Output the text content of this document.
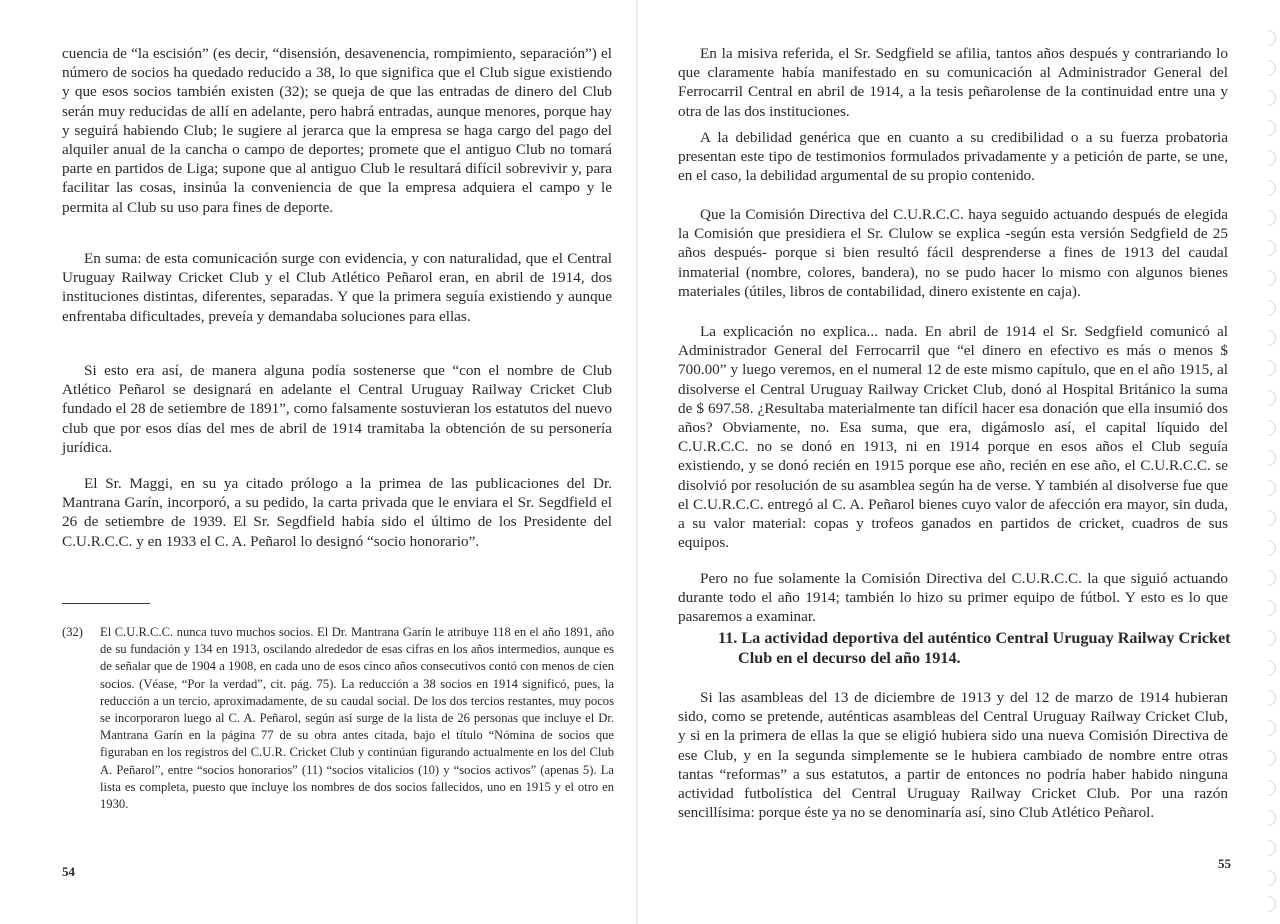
cuencia de “la escisión” (es decir, “disensión, desavenencia, rompimiento, separación”) el número de socios ha quedado reducido a 38, lo que significa que el Club sigue existiendo y que esos socios también existen (32); se queja de que las entradas de dinero del Club serán muy reducidas de allí en adelante, pero habrá entradas, aunque menores, porque hay y seguirá habiendo Club; le sugiere al jerarca que la empresa se haga cargo del pago del alquiler anual de la cancha o campo de deportes; promete que el antiguo Club no tomará parte en partidos de Liga; supone que al antiguo Club le resultará difícil sobrevivir y, para facilitar las cosas, insinúa la conveniencia de que la empresa adquiera el campo y le permita al Club su uso para fines de deporte.

En suma: de esta comunicación surge con evidencia, y con naturalidad, que el Central Uruguay Railway Cricket Club y el Club Atlético Peñarol eran, en abril de 1914, dos instituciones distintas, diferentes, separadas. Y que la primera seguía existiendo y aunque enfrentaba dificultades, preveía y demandaba soluciones para ellas.

Si esto era así, de manera alguna podía sostenerse que “con el nombre de Club Atlético Peñarol se designará en adelante el Central Uruguay Railway Cricket Club fundado el 28 de setiembre de 1891”, como falsamente sostuvieran los estatutos del nuevo club que por esos días del mes de abril de 1914 tramitaba la obtención de su personería jurídica.

El Sr. Maggi, en su ya citado prólogo a la primea de las publicaciones del Dr. Mantrana Garín, incorporó, a su pedido, la carta privada que le enviara el Sr. Segdfield el 26 de setiembre de 1939. El Sr. Segdfield había sido el último de los Presidente del C.U.R.C.C. y en 1933 el C. A. Peñarol lo designó “socio honorario”.

(32) El C.U.R.C.C. nunca tuvo muchos socios. El Dr. Mantrana Garín le atribuye 118 en el año 1891, año de su fundación y 134 en 1913, oscilando alrededor de esas cifras en los años intermedios, aunque es de señalar que de 1904 a 1908, en cada uno de esos cinco años consecutivos contó con menos de cien socios. (Véase, “Por la verdad”, cit. pág. 75). La reducción a 38 socios en 1914 significó, pues, la reducción a un tercio, aproximadamente, de su caudal social. De los dos tercios restantes, muy pocos se incorporaron luego al C. A. Peñarol, según así surge de la lista de 26 personas que incluye el Dr. Mantrana Garín en la página 77 de su obra antes citada, bajo el título “Nómina de socios que figuraban en los registros del C.U.R. Cricket Club y continúan figurando actualmente en los del Club A. Peñarol”, entre “socios honorarios” (11) “socios vitalicios (10) y “socios activos” (apenas 5). La lista es completa, puesto que incluye los nombres de dos socios fallecidos, uno en 1915 y el otro en 1930.

54

En la misiva referida, el Sr. Sedgfield se afilia, tantos años después y contrariando lo que claramente había manifestado en su comunicación al Administrador General del Ferrocarril Central en abril de 1914, a la tesis peñarolense de la continuidad entre una y otra de las dos instituciones.

A la debilidad genérica que en cuanto a su credibilidad o a su fuerza probatoria presentan este tipo de testimonios formulados privadamente y a petición de parte, se une, en el caso, la debilidad argumental de su propio contenido.

Que la Comisión Directiva del C.U.R.C.C. haya seguido actuando después de elegida la Comisión que presidiera el Sr. Clulow se explica -según esta versión Sedgfield de 25 años después- porque si bien resultó fácil desprenderse a fines de 1913 del caudal inmaterial (nombre, colores, bandera), no se pudo hacer lo mismo con algunos bienes materiales (útiles, libros de contabilidad, dinero existente en caja).

La explicación no explica... nada. En abril de 1914 el Sr. Sedgfield comunicó al Administrador General del Ferrocarril que “el dinero en efectivo es más o menos $ 700.00” y luego veremos, en el numeral 12 de este mismo capítulo, que en el año 1915, al disolverse el Central Uruguay Railway Cricket Club, donó al Hospital Británico la suma de $ 697.58. ¿Resultaba materialmente tan difícil hacer esa donación que ella insumió dos años? Obviamente, no. Esa suma, que era, digámoslo así, el capital líquido del C.U.R.C.C. no se donó en 1913, ni en 1914 porque en esos años el Club seguía existiendo, y se donó recién en 1915 porque ese año, recién en ese año, el C.U.R.C.C. se disolvió por resolución de su asamblea según ha de verse. Y también al disolverse fue que el C.U.R.C.C. entregó al C. A. Peñarol bienes cuyo valor de afección era mayor, sin duda, a su valor material: copas y trofeos ganados en partidos de cricket, cuadros de sus equipos.

Pero no fue solamente la Comisión Directiva del C.U.R.C.C. la que siguió actuando durante todo el año 1914; también lo hizo su primer equipo de fútbol. Y esto es lo que pasaremos a examinar.

11. La actividad deportiva del auténtico Central Uruguay Railway Cricket Club en el decurso del año 1914.

Si las asambleas del 13 de diciembre de 1913 y del 12 de marzo de 1914 hubieran sido, como se pretende, auténticas asambleas del Central Uruguay Railway Cricket Club, y si en la primera de ellas la que se eligió hubiera sido una nueva Comisión Directiva de ese Club, y en la segunda simplemente se le hubiera cambiado de nombre entre otras tantas “reformas” a sus estatutos, a partir de entonces no podría haber habido ninguna actividad futbolística del Central Uruguay Railway Cricket Club. Por una razón sencillísima: porque éste ya no se denominaría así, sino Club Atlético Peñarol.

55
